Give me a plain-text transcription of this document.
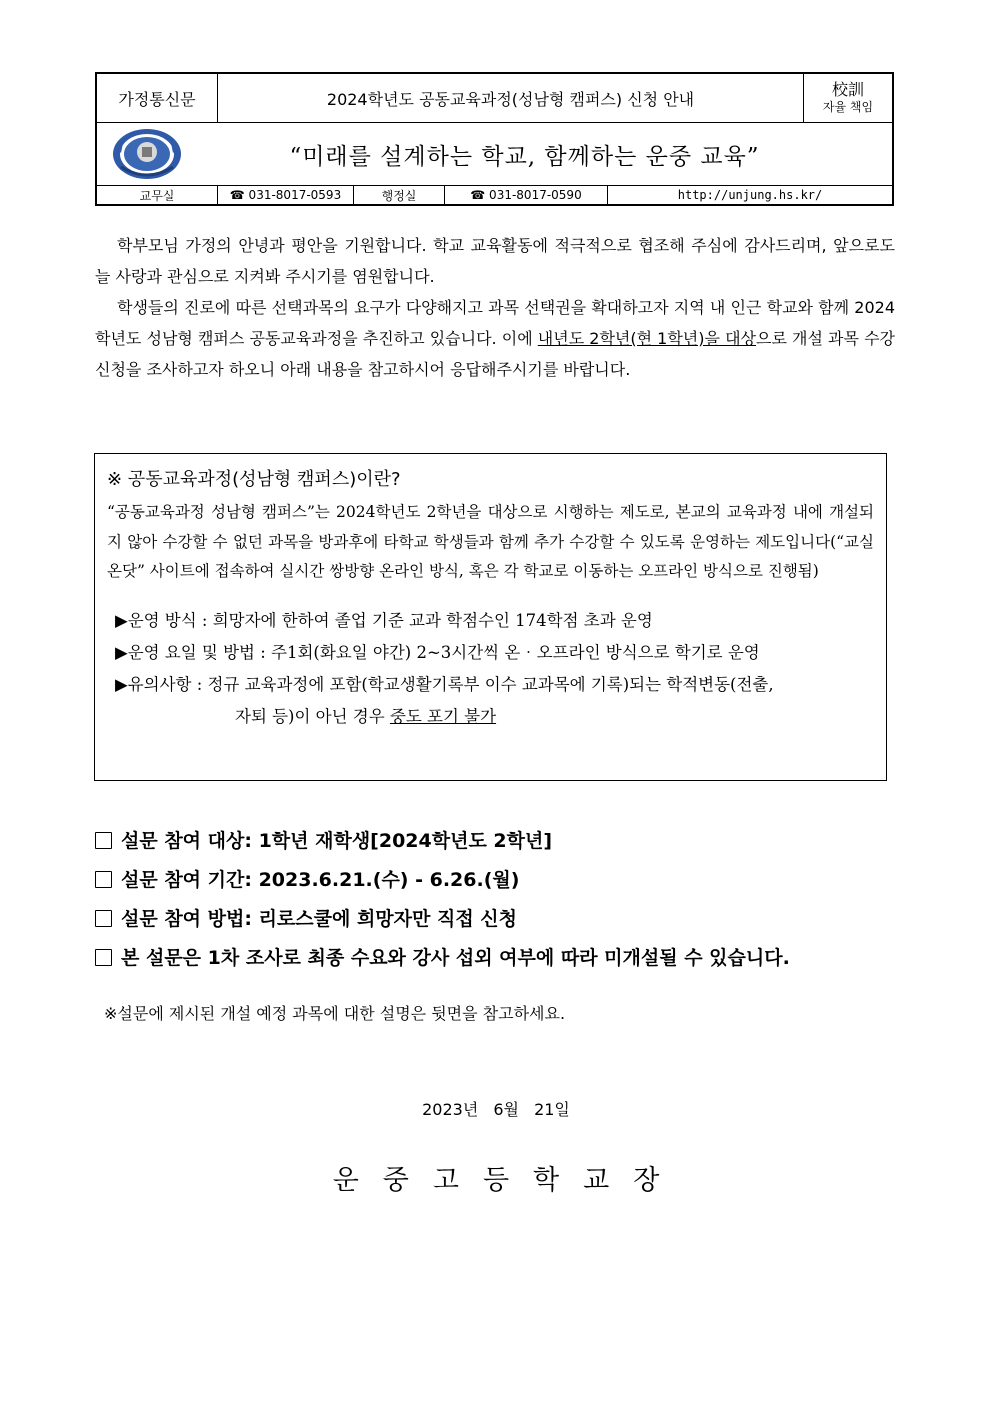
가정통신문	2024학년도 공동교육과정(성남형 캠퍼스) 신청 안내	校訓
자율 책임
“미래를 설계하는 학교, 함께하는 운중 교육”
교무실	☎ 031-8017-0593	행정실	☎ 031-8017-0590	http://unjung.hs.kr/
학부모님 가정의 안녕과 평안을 기원합니다. 학교 교육활동에 적극적으로 협조해 주심에 감사드리며, 앞으로도 늘 사랑과 관심으로 지켜봐 주시기를 염원합니다.
학생들의 진로에 따른 선택과목의 요구가 다양해지고 과목 선택권을 확대하고자 지역 내 인근 학교와 함께 2024학년도 성남형 캠퍼스 공동교육과정을 추진하고 있습니다. 이에 내년도 2학년(현 1학년)을 대상으로 개설 과목 수강 신청을 조사하고자 하오니 아래 내용을 참고하시어 응답해주시기를 바랍니다.
※ 공동교육과정(성남형 캠퍼스)이란?
“공동교육과정 성남형 캠퍼스”는 2024학년도 2학년을 대상으로 시행하는 제도로, 본교의 교육과정 내에 개설되지 않아 수강할 수 없던 과목을 방과후에 타학교 학생들과 함께 추가 수강할 수 있도록 운영하는 제도입니다(“교실온닷” 사이트에 접속하여 실시간 쌍방향 온라인 방식, 혹은 각 학교로 이동하는 오프라인 방식으로 진행됨)
▶운영 방식 : 희망자에 한하여 졸업 기준 교과 학점수인 174학점 초과 운영
▶운영 요일 및 방법 : 주1회(화요일 야간) 2~3시간씩 온‧오프라인 방식으로 학기로 운영
▶유의사항 : 정규 교육과정에 포함(학교생활기록부 이수 교과목에 기록)되는 학적변동(전출,
자퇴 등)이 아닌 경우 중도 포기 불가
설문 참여 대상: 1학년 재학생[2024학년도 2학년]
설문 참여 기간: 2023.6.21.(수) - 6.26.(월)
설문 참여 방법: 리로스쿨에 희망자만 직접 신청
본 설문은 1차 조사로 최종 수요와 강사 섭외 여부에 따라 미개설될 수 있습니다.
※설문에 제시된 개설 예정 과목에 대한 설명은 뒷면을 참고하세요.
2023년 6월 21일
운중고등학교장
